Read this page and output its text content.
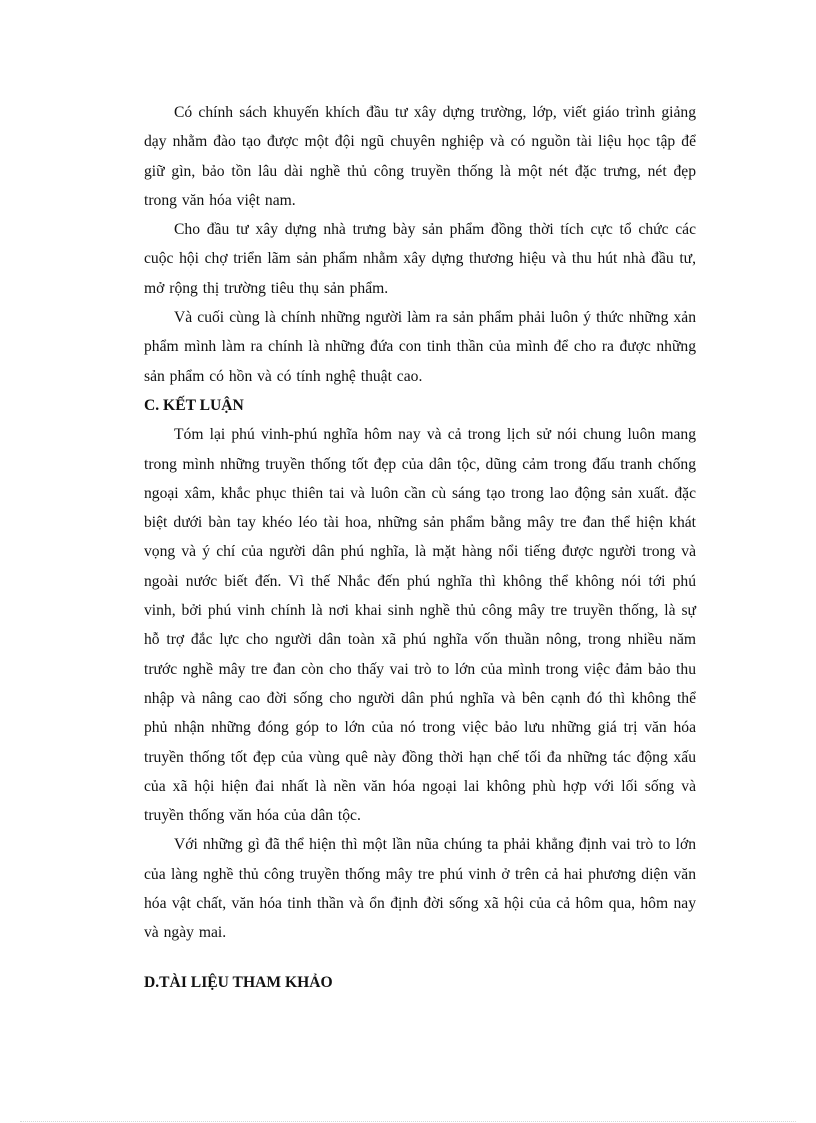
Có chính sách khuyến khích đầu tư xây dựng trường, lớp, viết giáo trình giảng dạy nhằm đào tạo được một đội ngũ chuyên nghiệp và có nguồn tài liệu học tập để giữ gìn, bảo tồn lâu dài nghề thủ công truyền thống là một nét đặc trưng, nét đẹp trong văn hóa việt nam.

Cho đầu tư xây dựng nhà trưng bày sản phẩm đồng thời tích cực tổ chức các cuộc hội chợ triển lãm sản phẩm nhằm xây dựng thương hiệu và thu hút nhà đầu tư, mở rộng thị trường tiêu thụ sản phẩm.

Và cuối cùng là chính những người làm ra sản phẩm phải luôn ý thức những xản phẩm mình làm ra chính là những đứa con tinh thần của mình để cho ra được những sản phẩm có hồn và có tính nghệ thuật cao.

C. KẾT LUẬN

Tóm lại phú vinh-phú nghĩa hôm nay và cả trong lịch sử nói chung luôn mang trong mình những truyền thống tốt đẹp của dân tộc, dũng cảm trong đấu tranh chống ngoại xâm, khắc phục thiên tai và luôn cần cù sáng tạo trong lao động sản xuất. đặc biệt dưới bàn tay khéo léo tài hoa, những sản phẩm bằng mây tre đan thể hiện khát vọng và ý chí của người dân phú nghĩa, là mặt hàng nổi tiếng được người trong và ngoài nước biết đến. Vì thế Nhắc đến phú nghĩa thì không thể không nói tới phú vinh, bởi phú vinh chính là nơi khai sinh nghề thủ công mây tre truyền thống, là sự hỗ trợ đắc lực cho người dân toàn xã phú nghĩa vốn thuần nông, trong nhiều năm trước nghề mây tre đan còn cho thấy vai trò to lớn của mình trong việc đảm bảo thu nhập và nâng cao đời sống cho người dân phú nghĩa và bên cạnh đó thì không thể phủ nhận những đóng góp to lớn của nó trong việc bảo lưu những giá trị văn hóa truyền thống tốt đẹp của vùng quê này đồng thời hạn chế tối đa những tác động xấu của xã hội hiện đai nhất là nền văn hóa ngoại lai không phù hợp với lối sống và truyền thống văn hóa của dân tộc.

Với những gì đã thể hiện thì một lần nũa chúng ta phải khẳng định vai trò to lớn của làng nghề thủ công truyền thống mây tre phú vinh ở trên cả hai phương diện văn hóa vật chất, văn hóa tinh thần và ổn định đời sống xã hội của cả hôm qua, hôm nay và ngày mai.

D.TÀI LIỆU THAM KHẢO
